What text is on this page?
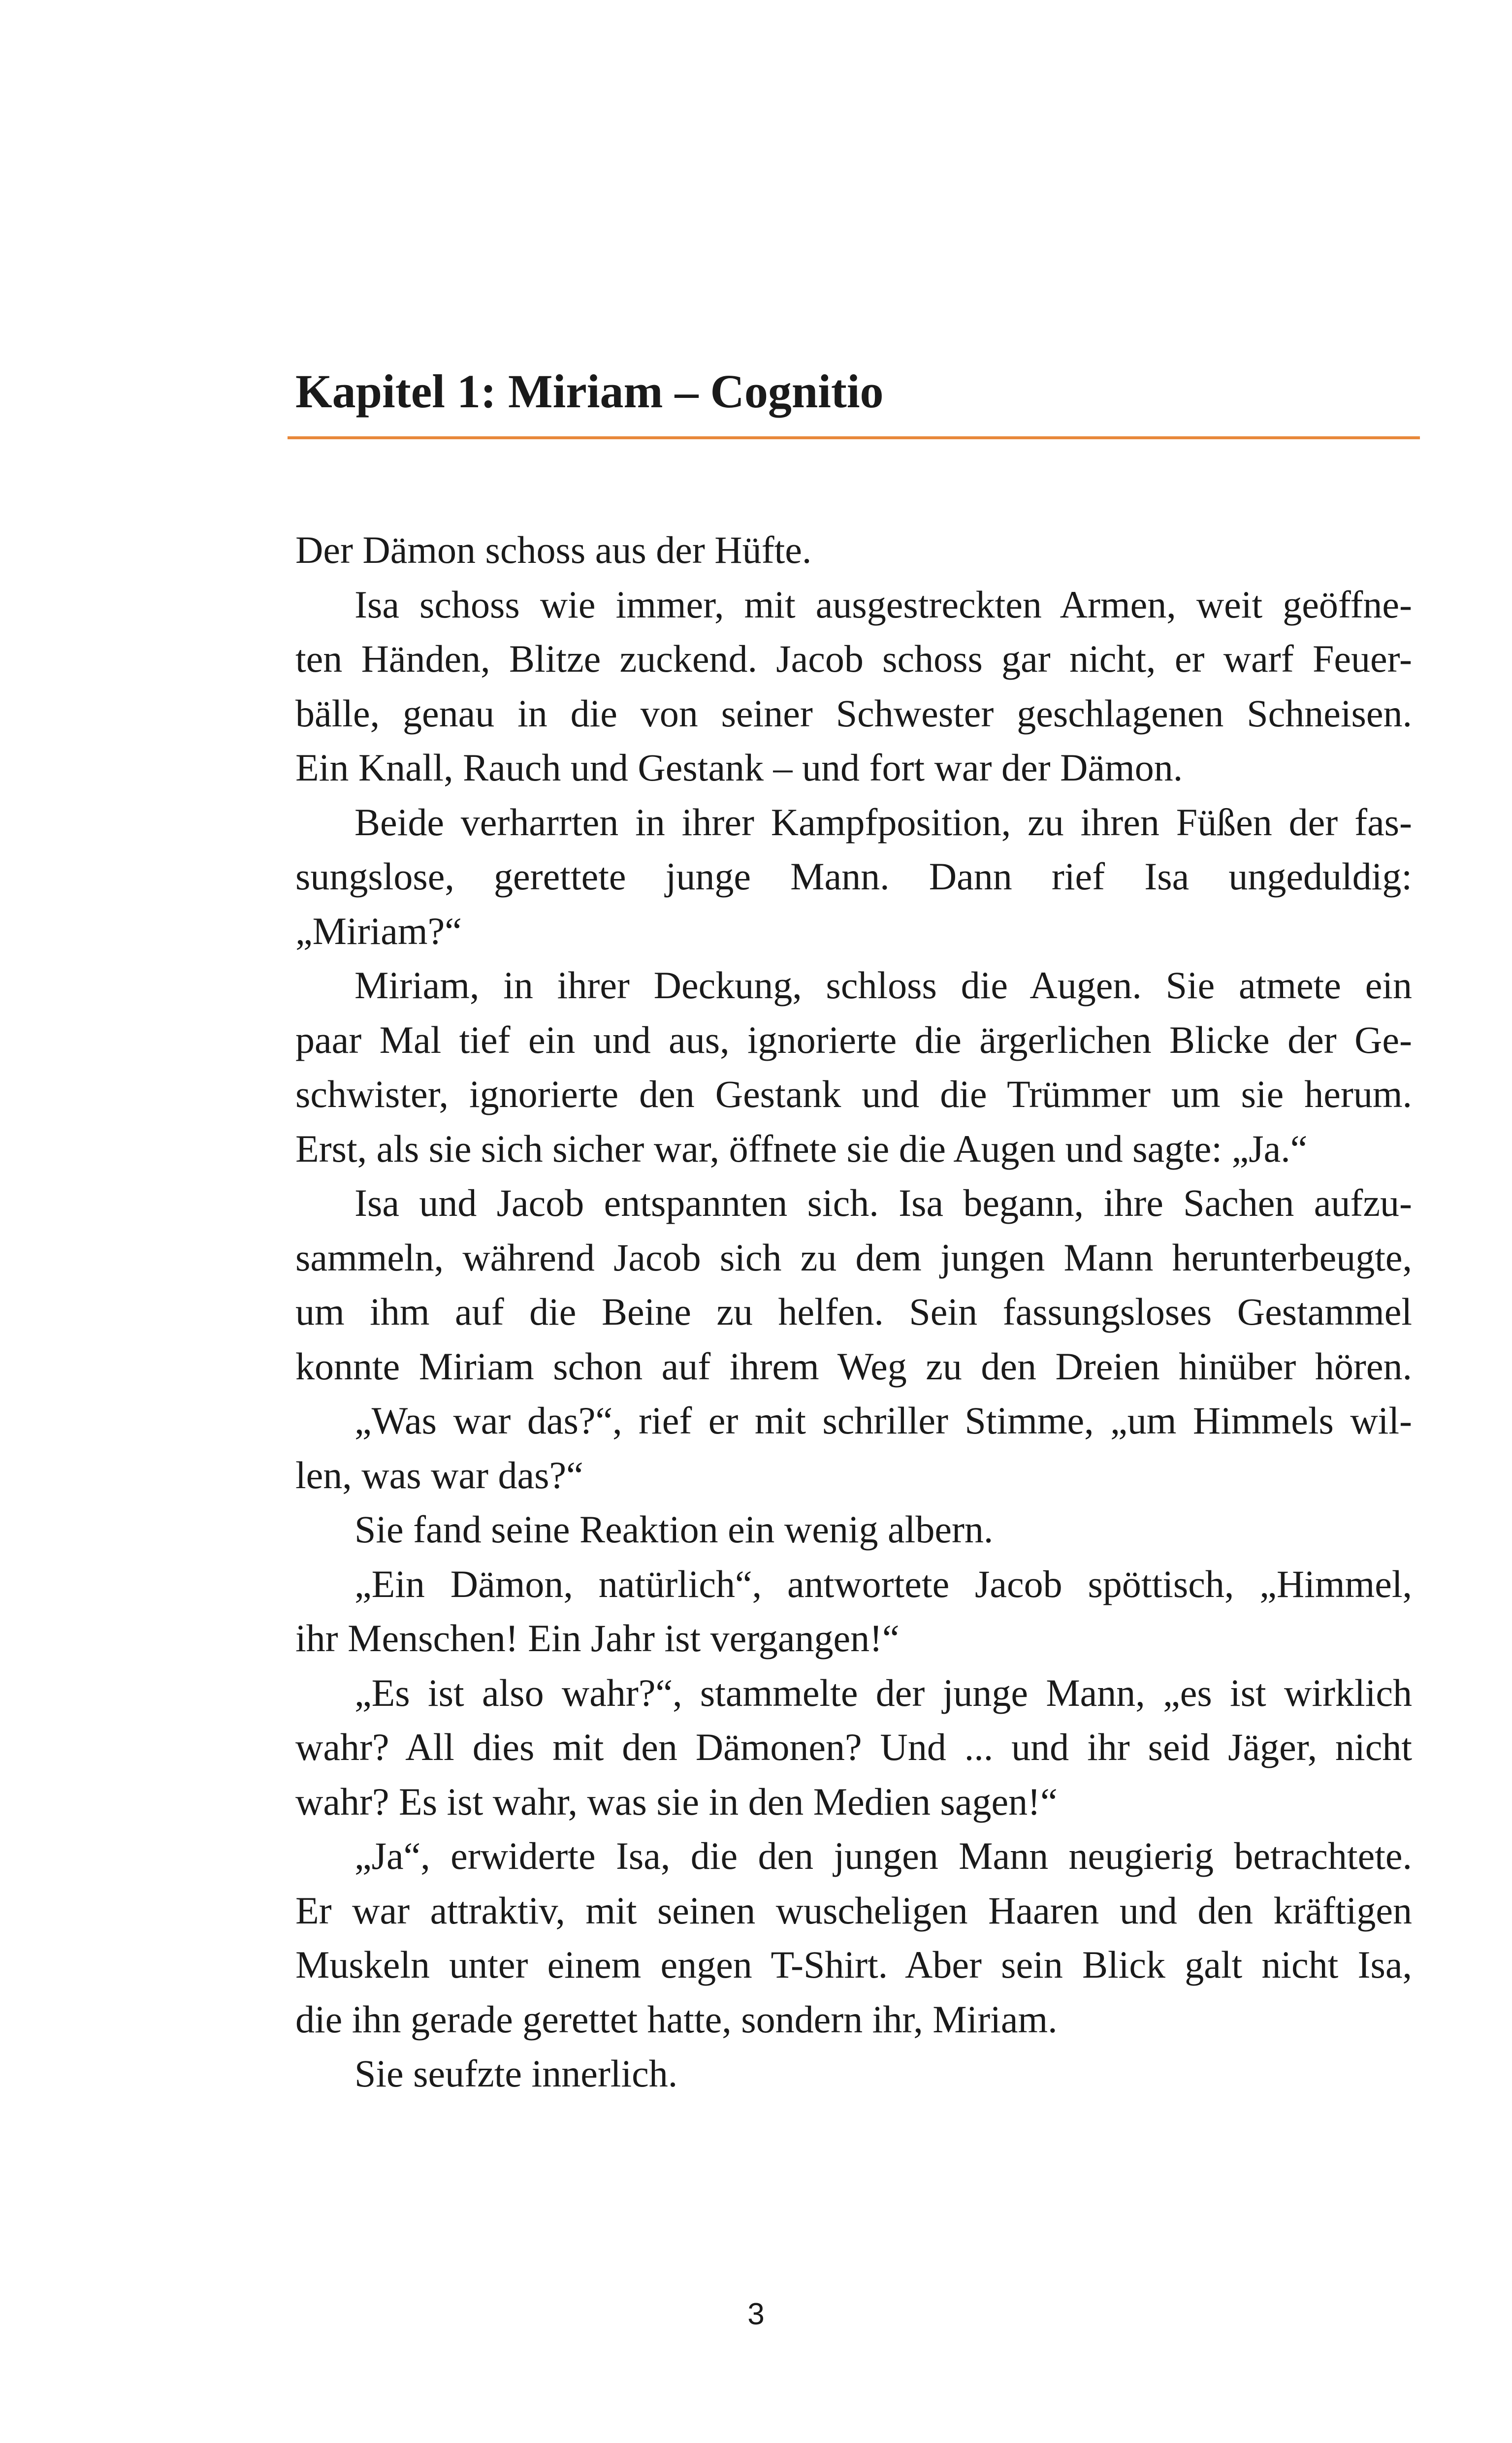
Kapitel 1: Miriam – Cognitio
Der Dämon schoss aus der Hüfte.
Isa schoss wie immer, mit ausgestreckten Armen, weit geöffne-
ten Händen, Blitze zuckend. Jacob schoss gar nicht, er warf Feuer-
bälle, genau in die von seiner Schwester geschlagenen Schneisen.
Ein Knall, Rauch und Gestank – und fort war der Dämon.
Beide verharrten in ihrer Kampfposition, zu ihren Füßen der fas-
sungslose, gerettete junge Mann. Dann rief Isa ungeduldig:
„Miriam?“
Miriam, in ihrer Deckung, schloss die Augen. Sie atmete ein
paar Mal tief ein und aus, ignorierte die ärgerlichen Blicke der Ge-
schwister, ignorierte den Gestank und die Trümmer um sie herum.
Erst, als sie sich sicher war, öffnete sie die Augen und sagte: „Ja.“
Isa und Jacob entspannten sich. Isa begann, ihre Sachen aufzu-
sammeln, während Jacob sich zu dem jungen Mann herunterbeugte,
um ihm auf die Beine zu helfen. Sein fassungsloses Gestammel
konnte Miriam schon auf ihrem Weg zu den Dreien hinüber hören.
„Was war das?“, rief er mit schriller Stimme, „um Himmels wil-
len, was war das?“
Sie fand seine Reaktion ein wenig albern.
„Ein Dämon, natürlich“, antwortete Jacob spöttisch, „Himmel,
ihr Menschen! Ein Jahr ist vergangen!“
„Es ist also wahr?“, stammelte der junge Mann, „es ist wirklich
wahr? All dies mit den Dämonen? Und ... und ihr seid Jäger, nicht
wahr? Es ist wahr, was sie in den Medien sagen!“
„Ja“, erwiderte Isa, die den jungen Mann neugierig betrachtete.
Er war attraktiv, mit seinen wuscheligen Haaren und den kräftigen
Muskeln unter einem engen T-Shirt. Aber sein Blick galt nicht Isa,
die ihn gerade gerettet hatte, sondern ihr, Miriam.
Sie seufzte innerlich.
3
